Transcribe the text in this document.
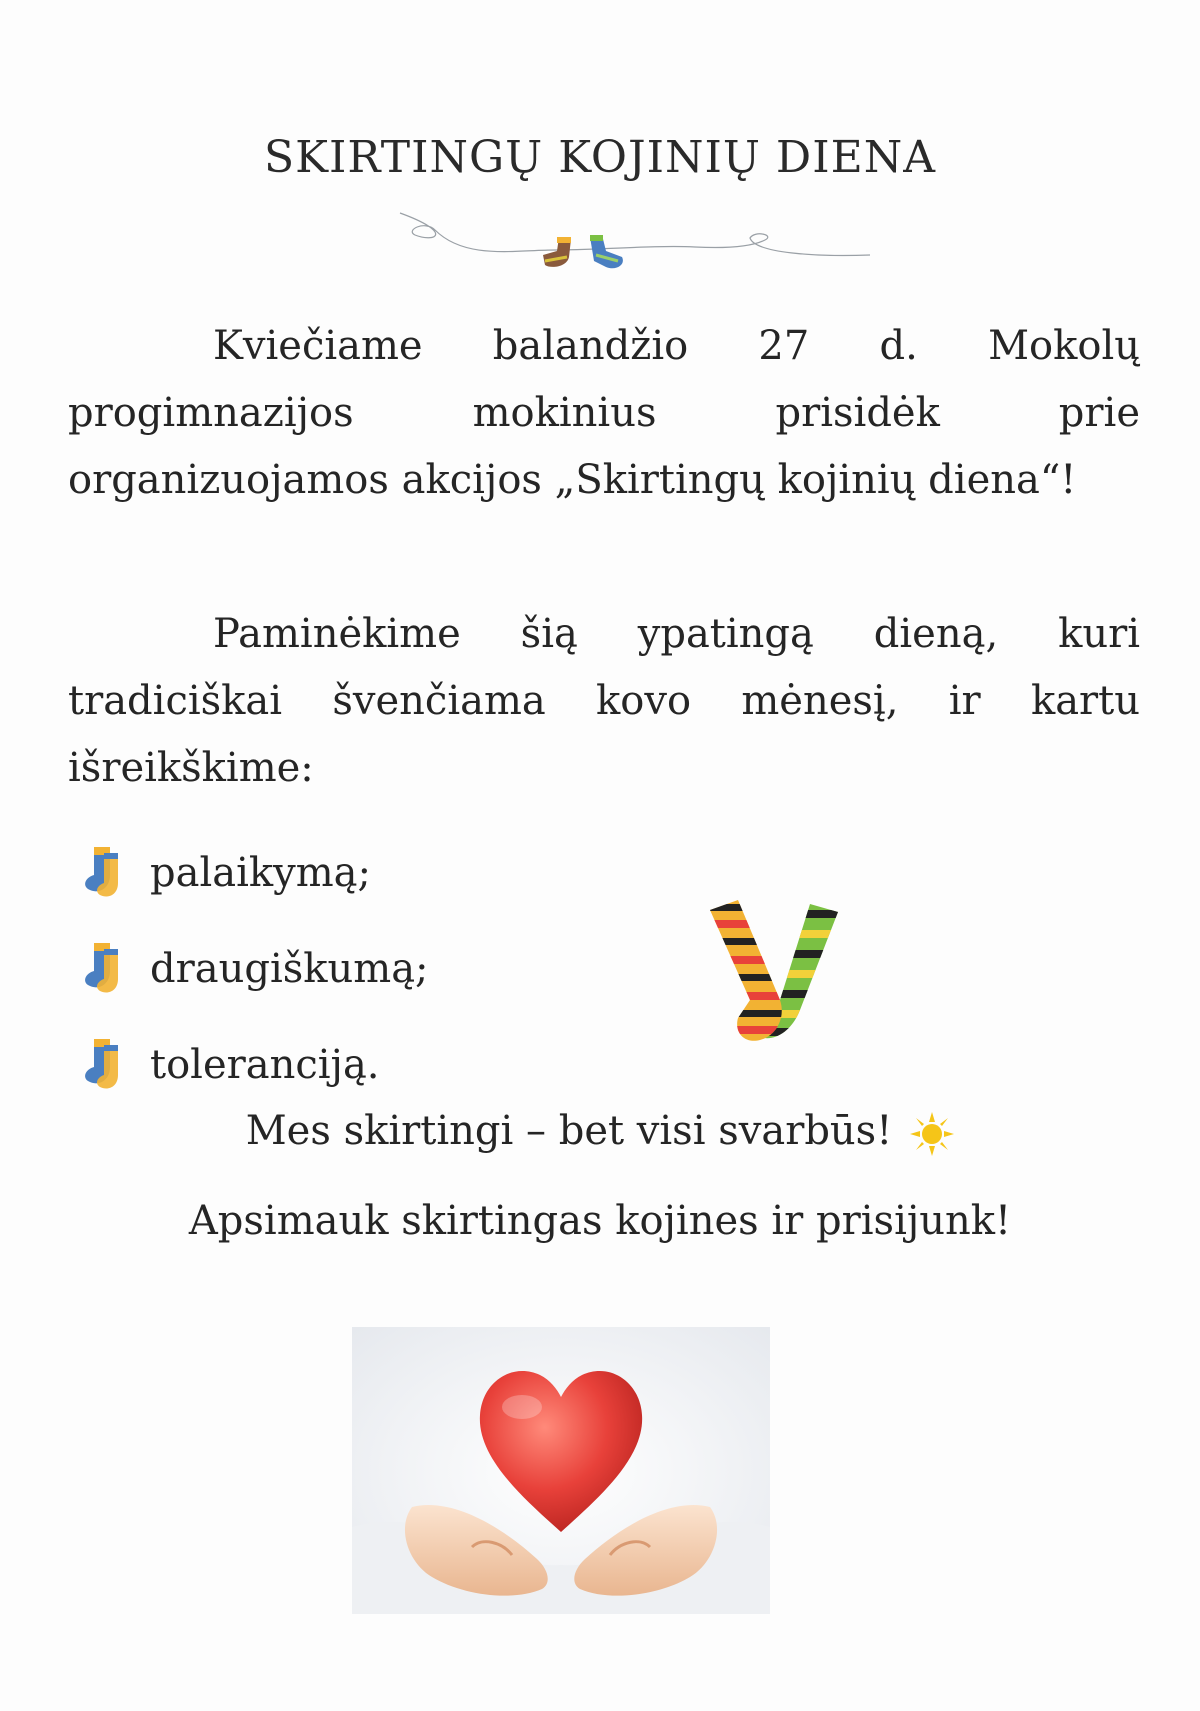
SKIRTINGŲ KOJINIŲ DIENA

Kviečiame balandžio 27 d. Mokolų progimnazijos mokinius prisidėk prie organizuojamos akcijos „Skirtingų kojinių diena“!

Paminėkime šią ypatingą dieną, kuri tradiciškai švenčiama kovo mėnesį, ir kartu išreikškime:

palaikymą;
draugiškumą;
toleranciją.

Mes skirtingi – bet visi svarbūs!

Apsimauk skirtingas kojines ir prisijunk!
